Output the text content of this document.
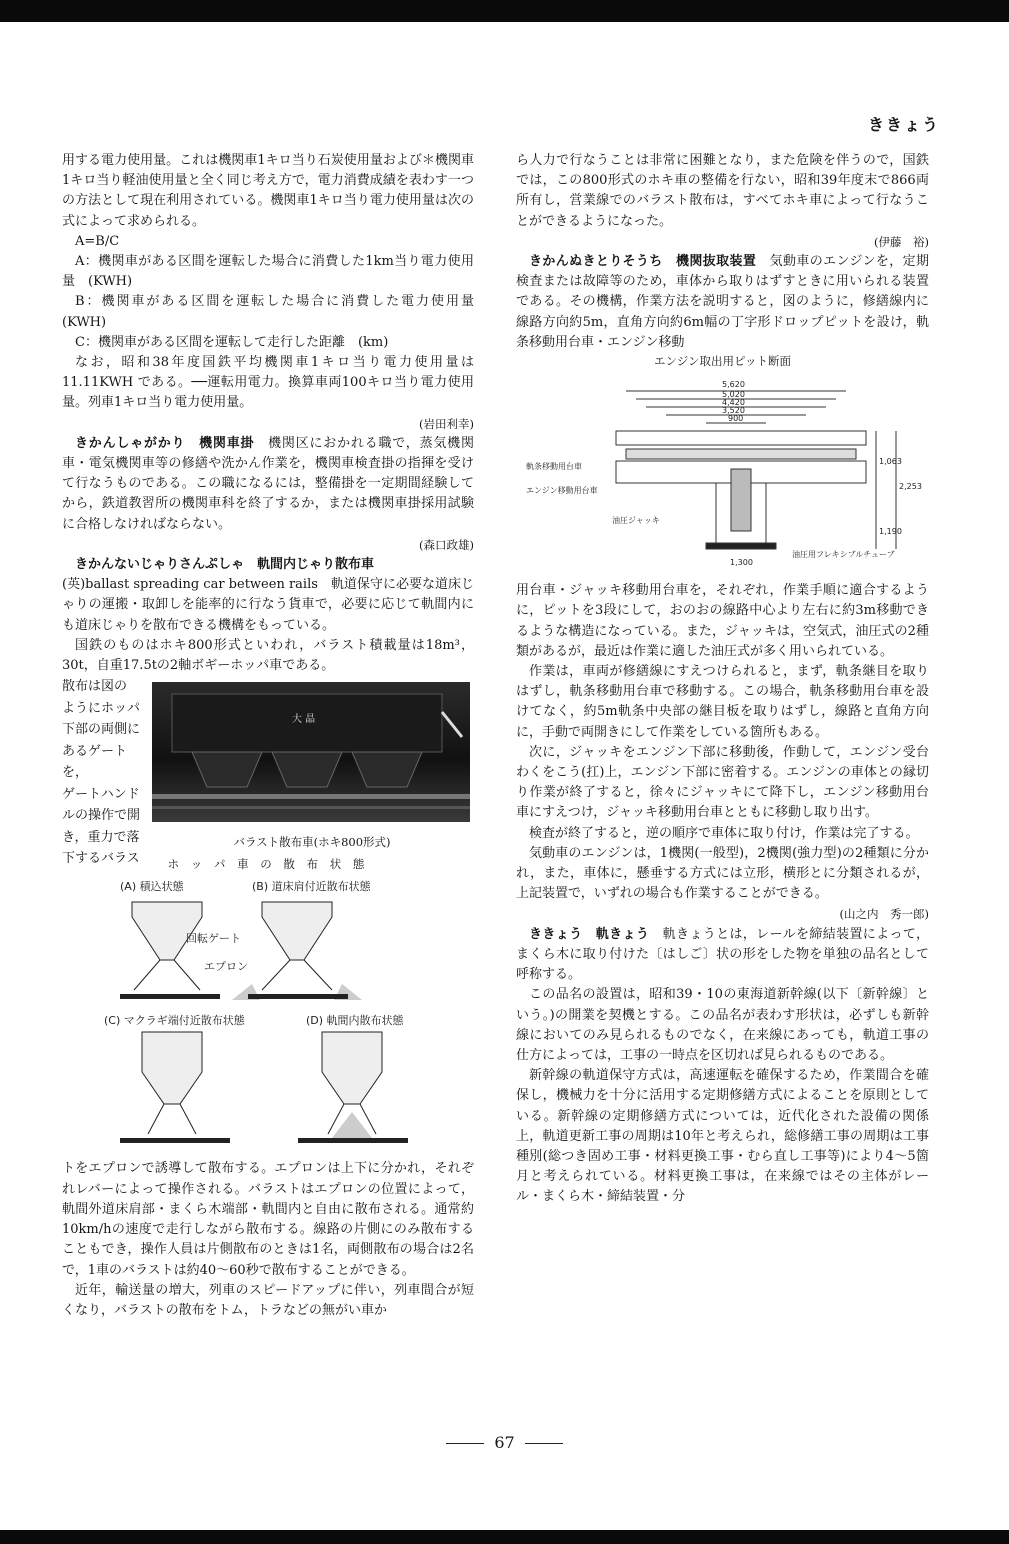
ききょう

用する電力使用量。これは機関車1キロ当り石炭使用量および＊機関車1キロ当り軽油使用量と全く同じ考え方で，電力消費成績を表わす一つの方法として現在利用されている。機関車1キロ当り電力使用量は次の式によって求められる。

A=B/C

A：機関車がある区間を運転した場合に消費した1km当り電力使用量　(KWH)

B：機関車がある区間を運転した場合に消費した電力使用量　(KWH)

C：機関車がある区間を運転して走行した距離　(km)

なお，昭和38年度国鉄平均機関車1キロ当り電力使用量は11.11KWH である。──運転用電力。換算車両100キロ当り電力使用量。列車1キロ当り電力使用量。

(岩田利幸)

きかんしゃがかり　機関車掛　 機関区におかれる職で，蒸気機関車・電気機関車等の修繕や洗かん作業を，機関車検査掛の指揮を受けて行なうものである。この職になるには，整備掛を一定期間経験してから，鉄道教習所の機関車科を終了するか，または機関車掛採用試験に合格しなければならない。

(森口政雄)

きかんないじゃりさんぷしゃ　軌間内じゃり散布車

(英)ballast spreading car between rails　軌道保守に必要な道床じゃりの運搬・取卸しを能率的に行なう貨車で，必要に応じて軌間内にも道床じゃりを散布できる機構をもっている。

国鉄のものはホキ800形式といわれ，バラスト積載量は18m³，30t，自重17.5tの2軸ボギーホッパ車である。

散布は図の
ようにホッパ
下部の両側に
あるゲートを，
ゲートハンド
ルの操作で開
き，重力で落
下するバラス
大 晶
バラスト散布車(ホキ800形式)
ホ ッ パ 車 の 散 布 状 態
(A) 積込状態	(B) 道床肩付近散布状態
回転ゲート
エプロン
(C) マクラギ端付近散布状態	(D) 軌間内散布状態

トをエプロンで誘導して散布する。エプロンは上下に分かれ，それぞれレバーによって操作される。バラストはエプロンの位置によって，軌間外道床肩部・まくら木端部・軌間内と自由に散布される。通常約10km/hの速度で走行しながら散布する。線路の片側にのみ散布することもでき，操作人員は片側散布のときは1名，両側散布の場合は2名で，1車のバラストは約40～60秒で散布することができる。

近年，輸送量の増大，列車のスピードアップに伴い，列車間合が短くなり，バラストの散布をトム，トラなどの無がい車か

ら人力で行なうことは非常に困難となり，また危険を伴うので，国鉄では，この800形式のホキ車の整備を行ない，昭和39年度末で866両所有し，営業線でのバラスト散布は，すべてホキ車によって行なうことができるようになった。

(伊藤　裕)

きかんぬきとりそうち　機関抜取装置　 気動車のエンジンを，定期検査または故障等のため，車体から取りはずすときに用いられる装置である。その機構，作業方法を説明すると，図のように，修繕線内に線路方向約5m，直角方向約6m幅の丁字形ドロップピットを設け，軌条移動用台車・エンジン移動

エンジン取出用ピット断面
5,620
5,020
4,420
3,520
900
1,063
2,253
1,190
1,300
軌条移動用台車
エンジン移動用台車
油圧ジャッキ
油圧用フレキシブルチューブ

用台車・ジャッキ移動用台車を，それぞれ，作業手順に適合するように，ピットを3段にして，おのおの線路中心より左右に約3m移動できるような構造になっている。また，ジャッキは，空気式，油圧式の2種類があるが，最近は作業に適した油圧式が多く用いられている。

作業は，車両が修繕線にすえつけられると，まず，軌条継目を取りはずし，軌条移動用台車で移動する。この場合，軌条移動用台車を設けてなく，約5m軌条中央部の継目板を取りはずし，線路と直角方向に，手動で両開きにして作業をしている箇所もある。

次に，ジャッキをエンジン下部に移動後，作動して，エンジン受台わくをこう(扛)上，エンジン下部に密着する。エンジンの車体との縁切り作業が終了すると，徐々にジャッキにて降下し，エンジン移動用台車にすえつけ，ジャッキ移動用台車とともに移動し取り出す。

検査が終了すると，逆の順序で車体に取り付け，作業は完了する。

気動車のエンジンは，1機関(一般型)，2機関(強力型)の2種類に分かれ，また，車体に，懸垂する方式には立形，横形とに分類されるが，上記装置で，いずれの場合も作業することができる。

(山之内　秀一郎)

ききょう　軌きょう　 軌きょうとは，レールを締結装置によって，まくら木に取り付けた〔はしご〕状の形をした物を単独の品名として呼称する。

この品名の設置は，昭和39・10の東海道新幹線(以下〔新幹線〕という。)の開業を契機とする。この品名が表わす形状は，必ずしも新幹線においてのみ見られるものでなく，在来線にあっても，軌道工事の仕方によっては，工事の一時点を区切れば見られるものである。

新幹線の軌道保守方式は，高速運転を確保するため，作業間合を確保し，機械力を十分に活用する定期修繕方式によることを原則としている。新幹線の定期修繕方式については，近代化された設備の関係上，軌道更新工事の周期は10年と考えられ，総修繕工事の周期は工事種別(総つき固め工事・材料更換工事・むら直し工事等)により4～5箇月と考えられている。材料更換工事は，在来線ではその主体がレール・まくら木・締結装置・分

67
